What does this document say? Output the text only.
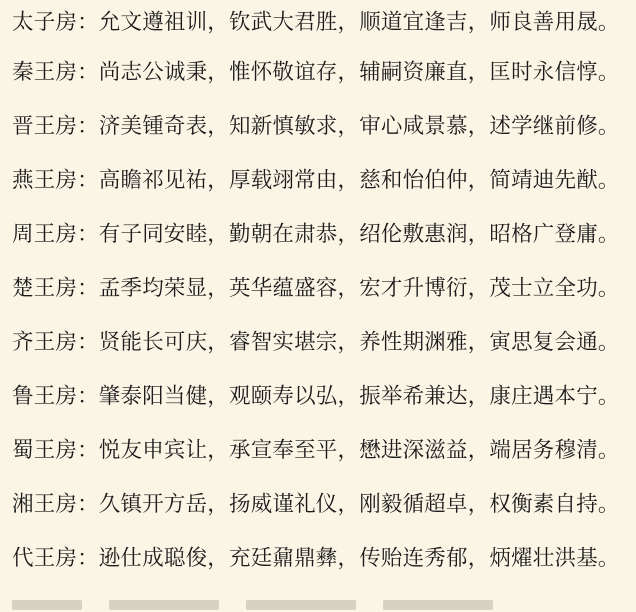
太子房：允文遵祖训，钦武大君胜，顺道宜逢吉，师良善用晟。
秦王房：尚志公诚秉，惟怀敬谊存，辅嗣资廉直，匡时永信惇。
晋王房：济美锺奇表，知新慎敏求，审心咸景慕，述学继前修。
燕王房：高瞻祁见祐，厚载翊常由，慈和怡伯仲，简靖迪先猷。
周王房：有子同安睦，勤朝在肃恭，绍伦敷惠润，昭格广登庸。
楚王房：孟季均荣显，英华蕴盛容，宏才升博衍，茂士立全功。
齐王房：贤能长可庆，睿智实堪宗，养性期渊雅，寅思复会通。
鲁王房：肇泰阳当健，观颐寿以弘，振举希兼达，康庄遇本宁。
蜀王房：悦友申宾让，承宣奉至平，懋进深滋益，端居务穆清。
湘王房：久镇开方岳，扬威谨礼仪，刚毅循超卓，权衡素自持。
代王房：逊仕成聪俊，充廷鼐鼎彝，传贻连秀郁，炳燿壮洪基。
